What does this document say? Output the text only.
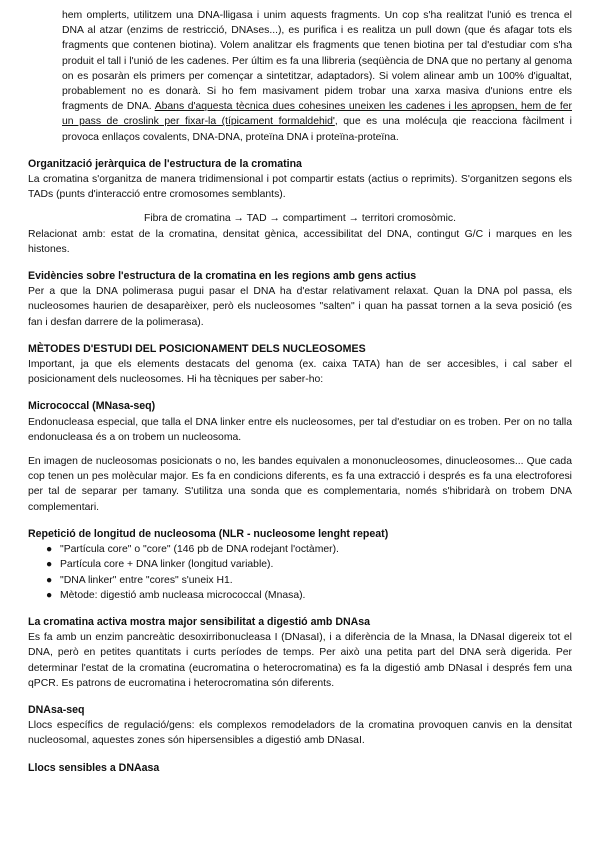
hem omplerts, utilitzem una DNA-lligasa i unim aquests fragments. Un cop s'ha realitzat l'unió es trenca el DNA al atzar (enzims de restricció, DNAses...), es purifica i es realitza un pull down (que és afagar tots els fragments que contenen biotina). Volem analitzar els fragments que tenen biotina per tal d'estudiar com s'ha produit el tall i l'unió de les cadenes. Per últim es fa una llibreria (seqüència de DNA que no pertany al genoma on es posaràn els primers per començar a sintetitzar, adaptadors). Si volem alinear amb un 100% d'igualtat, probablement no es donarà. Si ho fem masivament pidem trobar una xarxa masiva d'unions entre els fragments de DNA. Abans d'aquesta tècnica dues cohesines uneixen les cadenes i les apropsen, hem de fer un pass de croslink per fixar-la (típicament formaldehid', que es una molécuļa qie reacciona fàcilment i provoca enllaços covalents, DNA-DNA, proteïna DNA i proteïna-proteïna.

Organització jeràrquica de l'estructura de la cromatina

La cromatina s'organitza de manera tridimensional i pot compartir estats (actius o reprimits). S'organitzen segons els TADs (punts d'interacció entre cromosomes semblants).

Fibra de cromatina → TAD → compartiment → territori cromosòmic.

Relacionat amb: estat de la cromatina, densitat gènica, accessibilitat del DNA, contingut G/C i marques en les histones.

Evidències sobre l'estructura de la cromatina en les regions amb gens actius

Per a que la DNA polimerasa pugui pasar el DNA ha d'estar relativament relaxat. Quan la DNA pol passa, els nucleosomes haurien de desaparèixer, però els nucleosomes "salten" i quan ha passat tornen a la seva posició (es fan i desfan darrere de la polimerasa).

MÈTODES D'ESTUDI DEL POSICIONAMENT DELS NUCLEOSOMES

Important, ja que els elements destacats del genoma (ex. caixa TATA) han de ser accesibles, i cal saber el posicionament dels nucleosomes. Hi ha tècniques per saber-ho:

Micrococcal (MNasa-seq)

Endonucleasa especial, que talla el DNA linker entre els nucleosomes, per tal d'estudiar on es troben. Per on no talla endonucleasa és a on trobem un nucleosoma.

En imagen de nucleosomas posicionats o no, les bandes equivalen a mononucleosomes, dinucleosomes... Que cada cop tenen un pes molècular major. Es fa en condicions diferents, es fa una extracció i després es fa una electroforesi per tal de separar per tamany. S'utilitza una sonda que es complementaria, només s'hibridarà on trobem DNA complementari.

Repetició de longitud de nucleosoma (NLR - nucleosome lenght repeat)
● "Partícula core" o "core" (146 pb de DNA rodejant l'octàmer).
● Partícula core + DNA linker (longitud variable).
● "DNA linker" entre "cores" s'uneix H1.
● Mètode: digestió amb nucleasa micrococcal (Mnasa).
La cromatina activa mostra major sensibilitat a digestió amb DNAsa

Es fa amb un enzim pancreàtic desoxirribonucleasa I (DNasaI), i a diferència de la Mnasa, la DNasaI digereix tot el DNA, però en petites quantitats i curts períodes de temps. Per això una petita part del DNA serà digerida. Per determinar l'estat de la cromatina (eucromatina o heterocromatina) es fa la digestió amb DNasaI i després fem una qPCR. Es patrons de eucromatina i heterocromatina són diferents.

DNAsa-seq

Llocs específics de regulació/gens: els complexos remodeladors de la cromatina provoquen canvis en la densitat nucleosomal, aquestes zones són hipersensibles a digestió amb DNasaI.

Llocs sensibles a DNAasa
